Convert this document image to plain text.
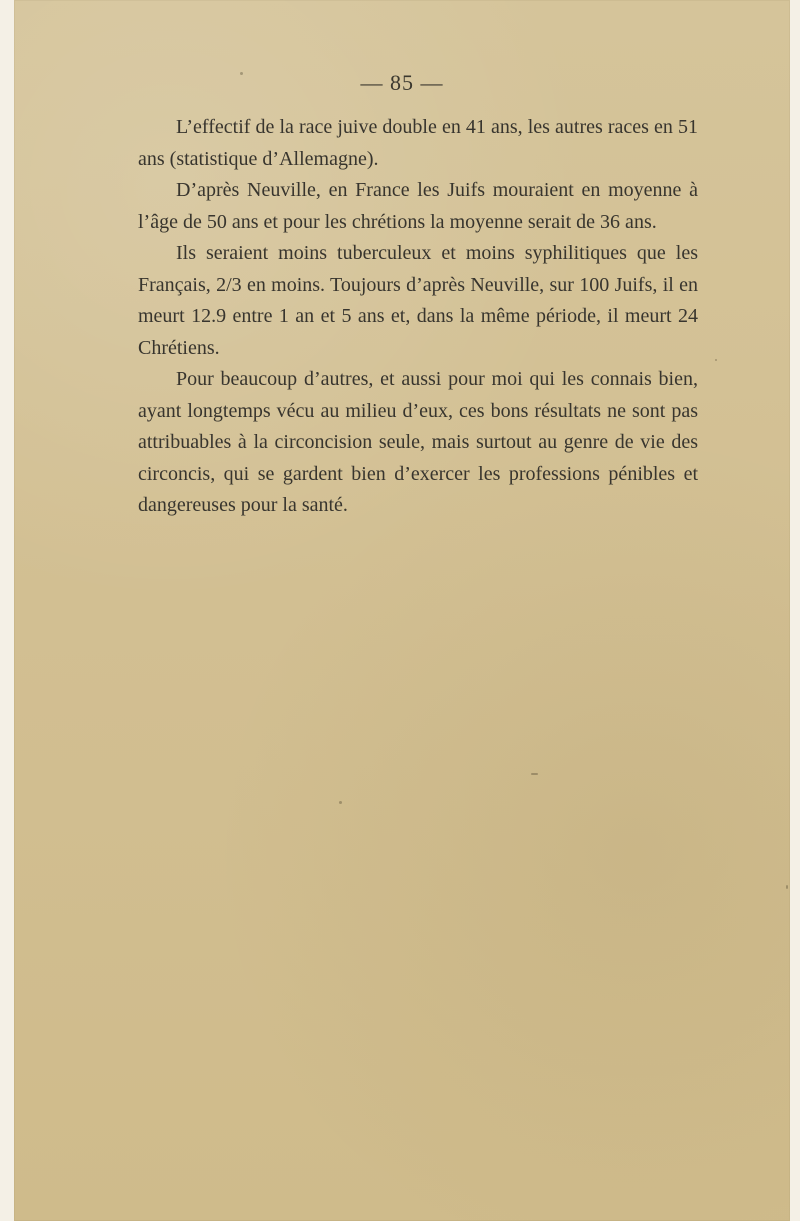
— 85 —

L’effectif de la race juive double en 41 ans, les autres races en 51 ans (statistique d’Allemagne).

D’après Neuville, en France les Juifs mouraient en moyenne à l’âge de 50 ans et pour les chrétions la moyenne serait de 36 ans.

Ils seraient moins tuberculeux et moins syphilitiques que les Français, 2/3 en moins. Toujours d’après Neuville, sur 100 Juifs, il en meurt 12.9 entre 1 an et 5 ans et, dans la même période, il meurt 24 Chrétiens.

Pour beaucoup d’autres, et aussi pour moi qui les connais bien, ayant longtemps vécu au milieu d’eux, ces bons résultats ne sont pas attribuables à la circoncision seule, mais surtout au genre de vie des circoncis, qui se gardent bien d’exercer les professions pénibles et dangereuses pour la santé.
